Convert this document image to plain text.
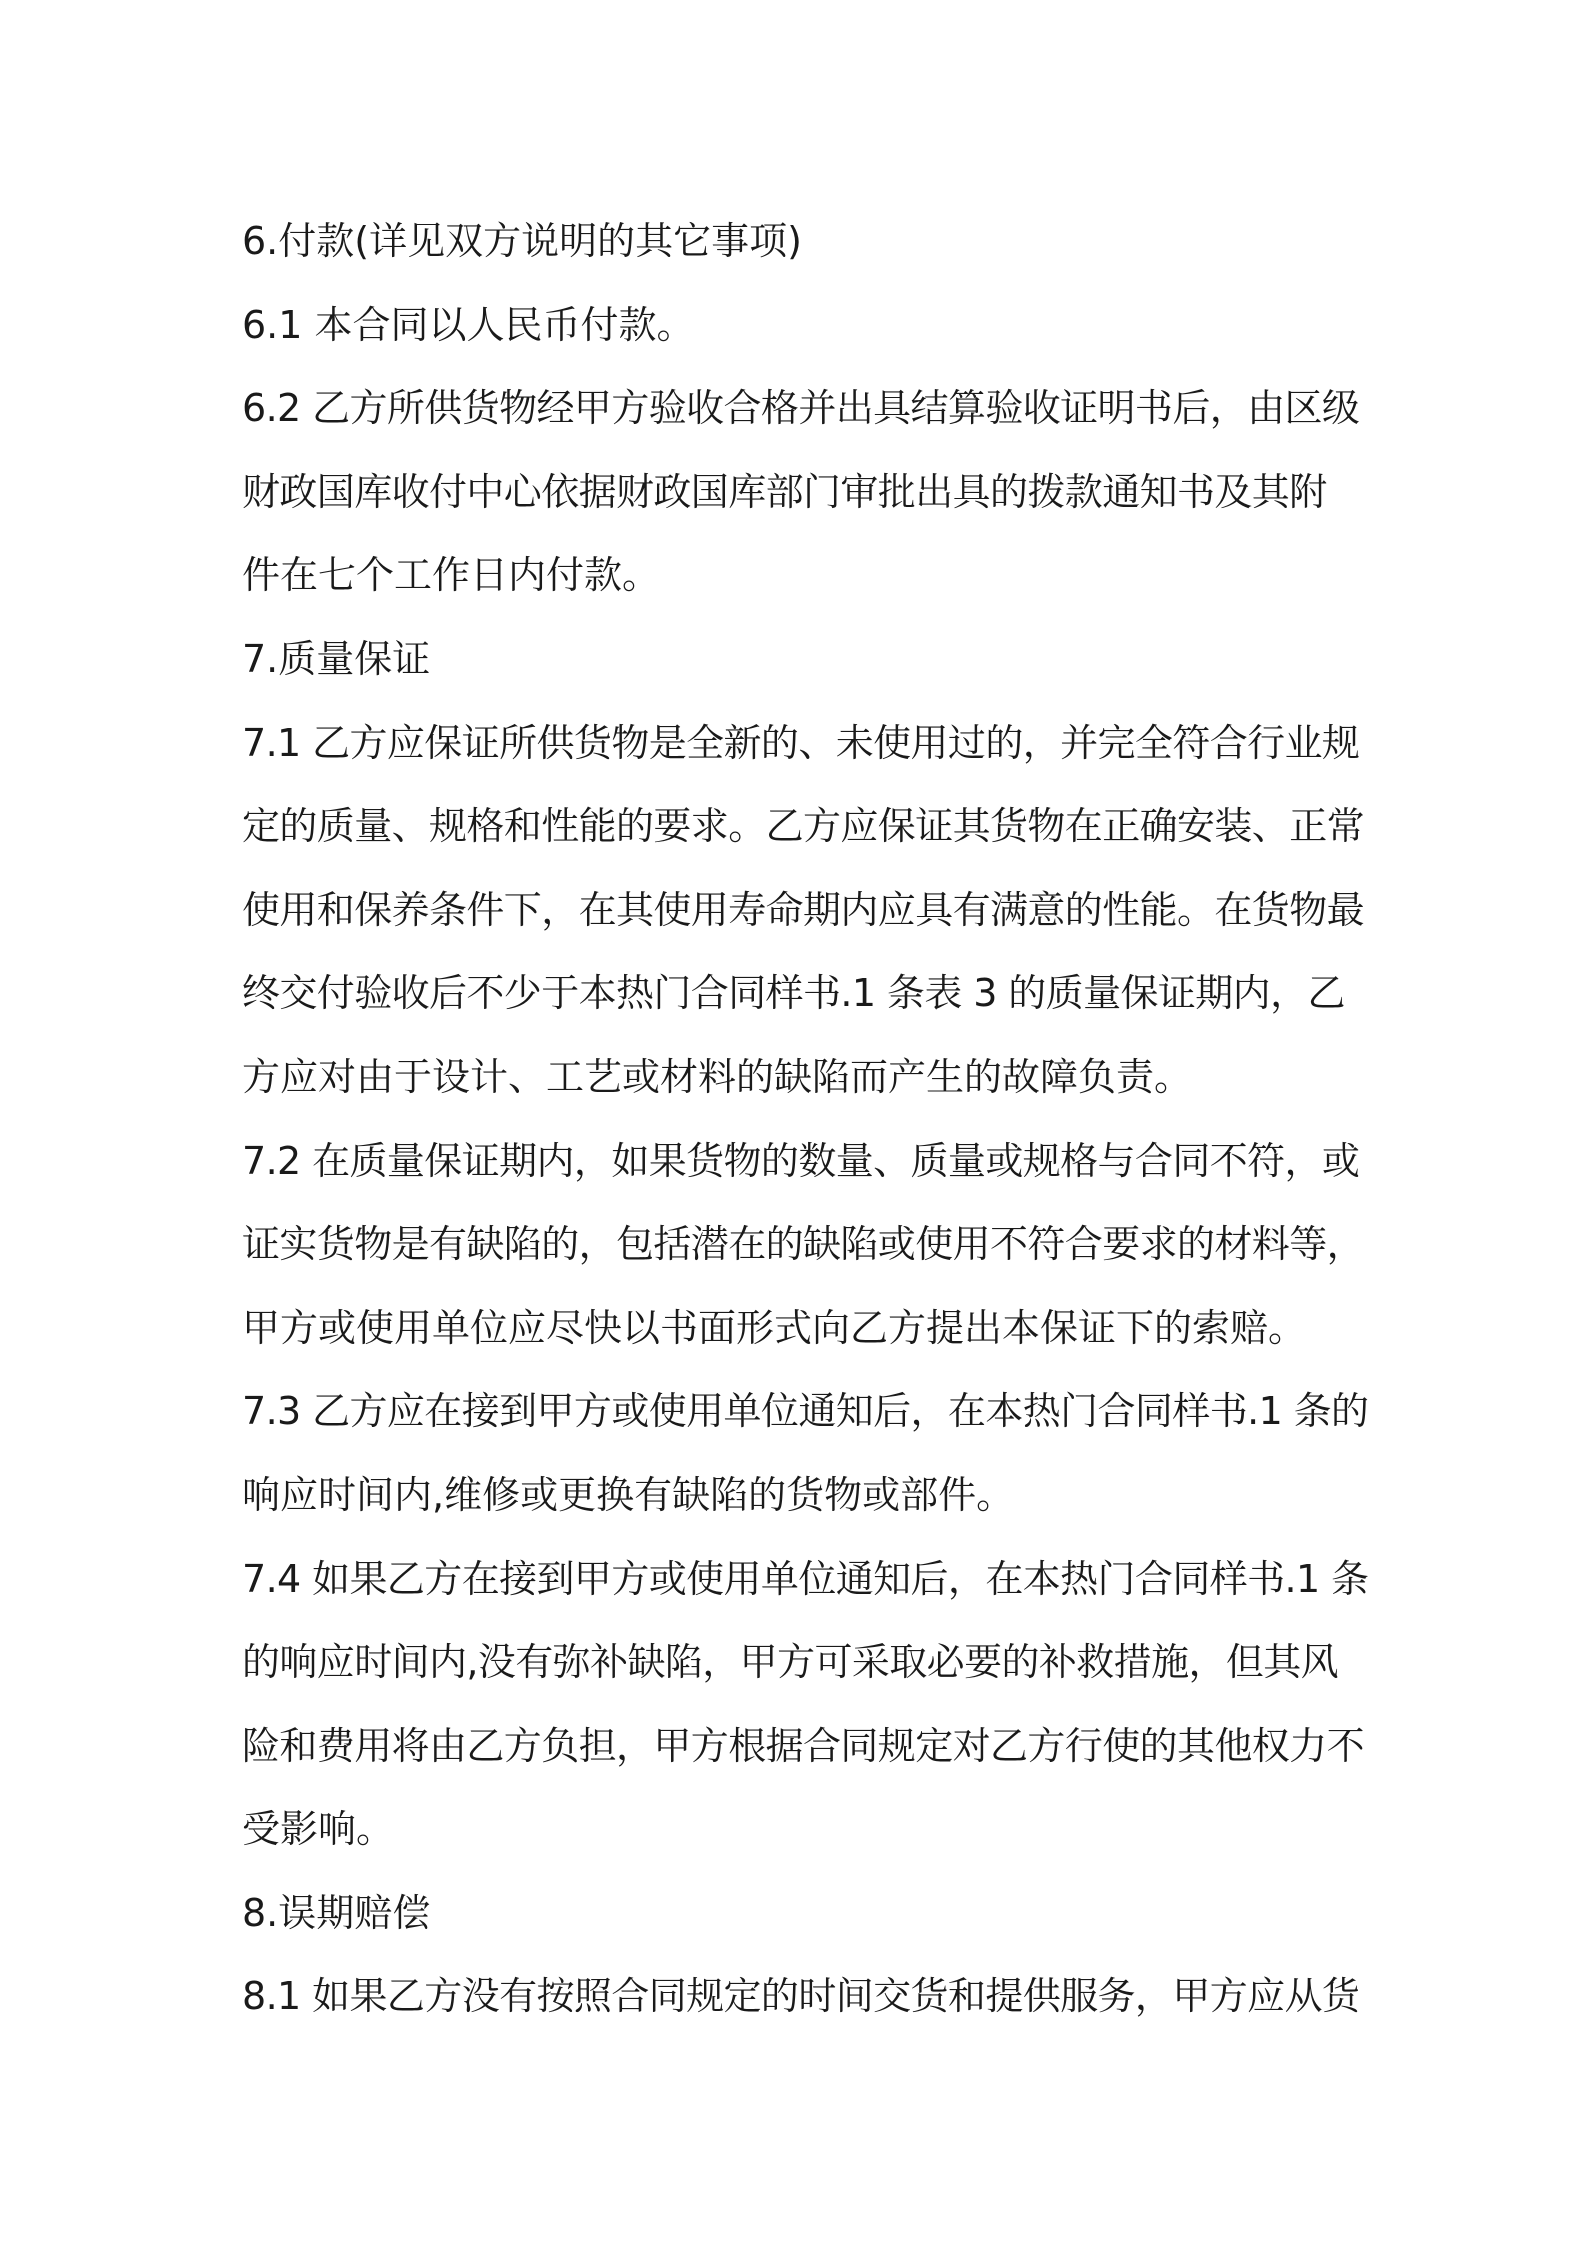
6.付款(详见双方说明的其它事项)
6.1 本合同以人民币付款。
6.2 乙方所供货物经甲方验收合格并出具结算验收证明书后，由区级
财政国库收付中心依据财政国库部门审批出具的拨款通知书及其附
件在七个工作日内付款。
7.质量保证
7.1 乙方应保证所供货物是全新的、未使用过的，并完全符合行业规
定的质量、规格和性能的要求。乙方应保证其货物在正确安装、正常
使用和保养条件下，在其使用寿命期内应具有满意的性能。在货物最
终交付验收后不少于本热门合同样书.1 条表 3 的质量保证期内，乙
方应对由于设计、工艺或材料的缺陷而产生的故障负责。
7.2 在质量保证期内，如果货物的数量、质量或规格与合同不符，或
证实货物是有缺陷的，包括潜在的缺陷或使用不符合要求的材料等，
甲方或使用单位应尽快以书面形式向乙方提出本保证下的索赔。
7.3 乙方应在接到甲方或使用单位通知后，在本热门合同样书.1 条的
响应时间内,维修或更换有缺陷的货物或部件。
7.4 如果乙方在接到甲方或使用单位通知后，在本热门合同样书.1 条
的响应时间内,没有弥补缺陷，甲方可采取必要的补救措施，但其风
险和费用将由乙方负担，甲方根据合同规定对乙方行使的其他权力不
受影响。
8.误期赔偿
8.1 如果乙方没有按照合同规定的时间交货和提供服务，甲方应从货
